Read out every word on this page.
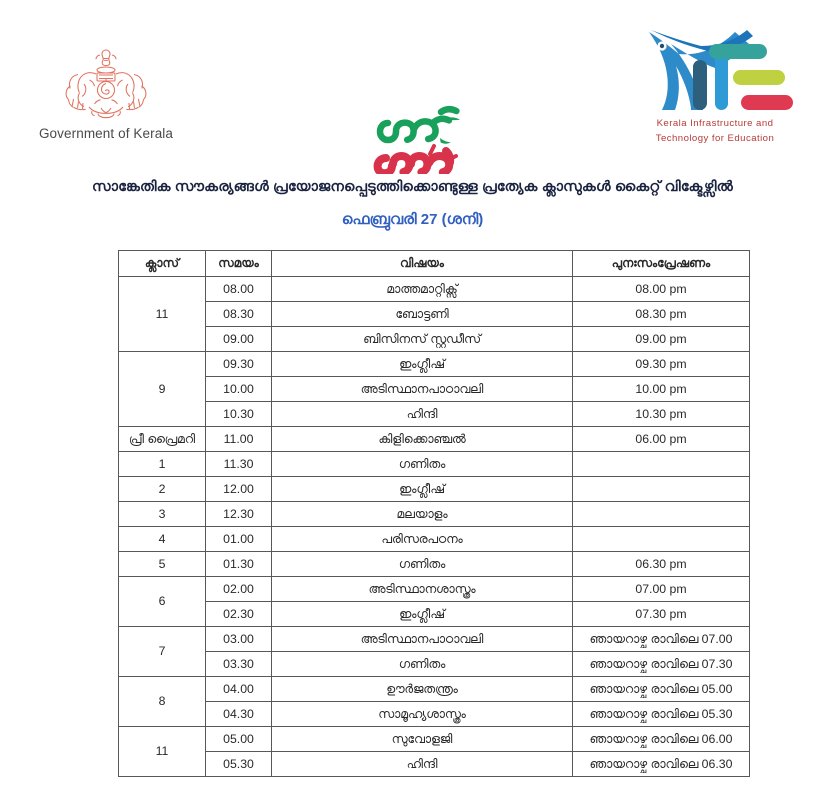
Government of Kerala
Kerala Infrastructure and
Technology for Education
സാങ്കേതിക സൗകര്യങ്ങൾ പ്രയോജനപ്പെടുത്തിക്കൊണ്ടുള്ള പ്രത്യേക ക്ലാസുകൾ കൈറ്റ് വിക്ടേഴ്സിൽ
ഫെബ്രുവരി 27 (ശനി)
ക്ലാസ്	സമയം	വിഷയം	പുനഃസംപ്രേഷണം
11	08.00	മാത്തമാറ്റിക്സ്	08.00 pm
	08.30	ബോട്ടണി	08.30 pm
	09.00	ബിസിനസ് സ്റ്റഡീസ്	09.00 pm
9	09.30	ഇംഗ്ലീഷ്	09.30 pm
	10.00	അടിസ്ഥാനപാഠാവലി	10.00 pm
	10.30	ഹിന്ദി	10.30 pm
പ്രീ പ്രൈമറി	11.00	കിളിക്കൊഞ്ചൽ	06.00 pm
1	11.30	ഗണിതം	
2	12.00	ഇംഗ്ലീഷ്	
3	12.30	മലയാളം	
4	01.00	പരിസരപഠനം	
5	01.30	ഗണിതം	06.30 pm
6	02.00	അടിസ്ഥാനശാസ്ത്രം	07.00 pm
	02.30	ഇംഗ്ലീഷ്	07.30 pm
7	03.00	അടിസ്ഥാനപാഠാവലി	ഞായറാഴ്ച രാവിലെ 07.00
	03.30	ഗണിതം	ഞായറാഴ്ച രാവിലെ 07.30
8	04.00	ഊർജതന്ത്രം	ഞായറാഴ്ച രാവിലെ 05.00
	04.30	സാമൂഹ്യശാസ്ത്രം	ഞായറാഴ്ച രാവിലെ 05.30
11	05.00	സുവോളജി	ഞായറാഴ്ച രാവിലെ 06.00
	05.30	ഹിന്ദി	ഞായറാഴ്ച രാവിലെ 06.30
